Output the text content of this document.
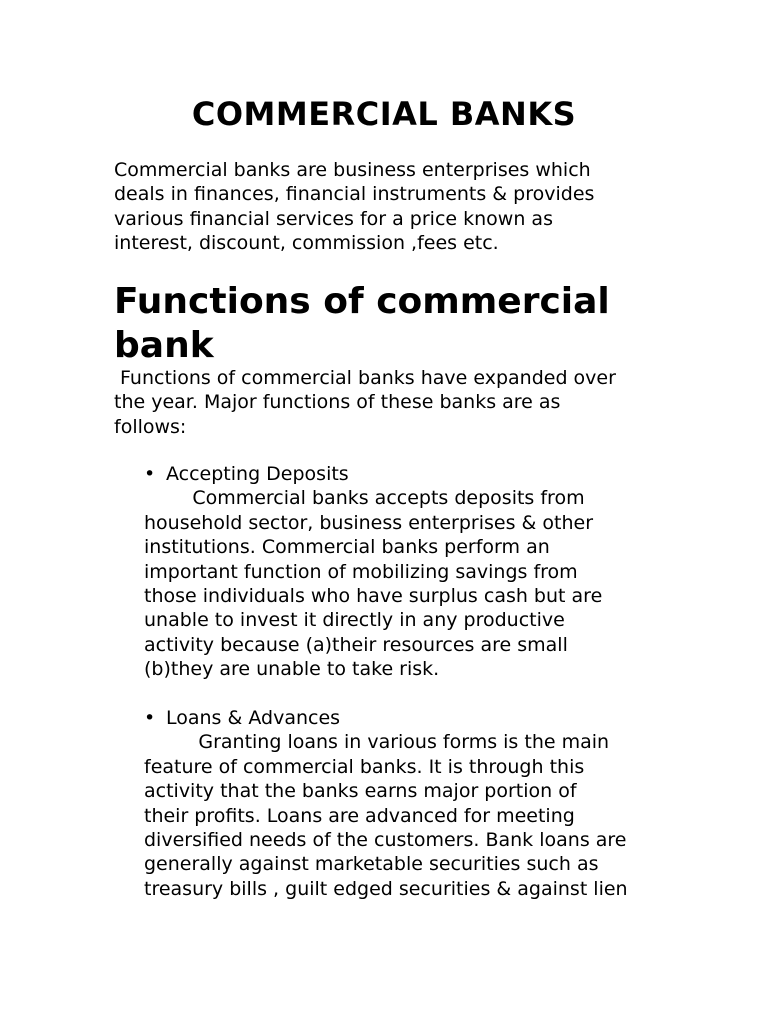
COMMERCIAL BANKS

Commercial banks are business enterprises which
deals in finances, financial instruments & provides
various financial services for a price known as
interest, discount, commission ,fees etc.

Functions of commercial
bank

Functions of commercial banks have expanded over
the year. Major functions of these banks are as
follows:

• Accepting Deposits
Commercial banks accepts deposits from
household sector, business enterprises & other
institutions. Commercial banks perform an
important function of mobilizing savings from
those individuals who have surplus cash but are
unable to invest it directly in any productive
activity because (a)their resources are small
(b)they are unable to take risk.
• Loans & Advances
Granting loans in various forms is the main
feature of commercial banks. It is through this
activity that the banks earns major portion of
their profits. Loans are advanced for meeting
diversified needs of the customers. Bank loans are
generally against marketable securities such as
treasury bills , guilt edged securities & against lien
